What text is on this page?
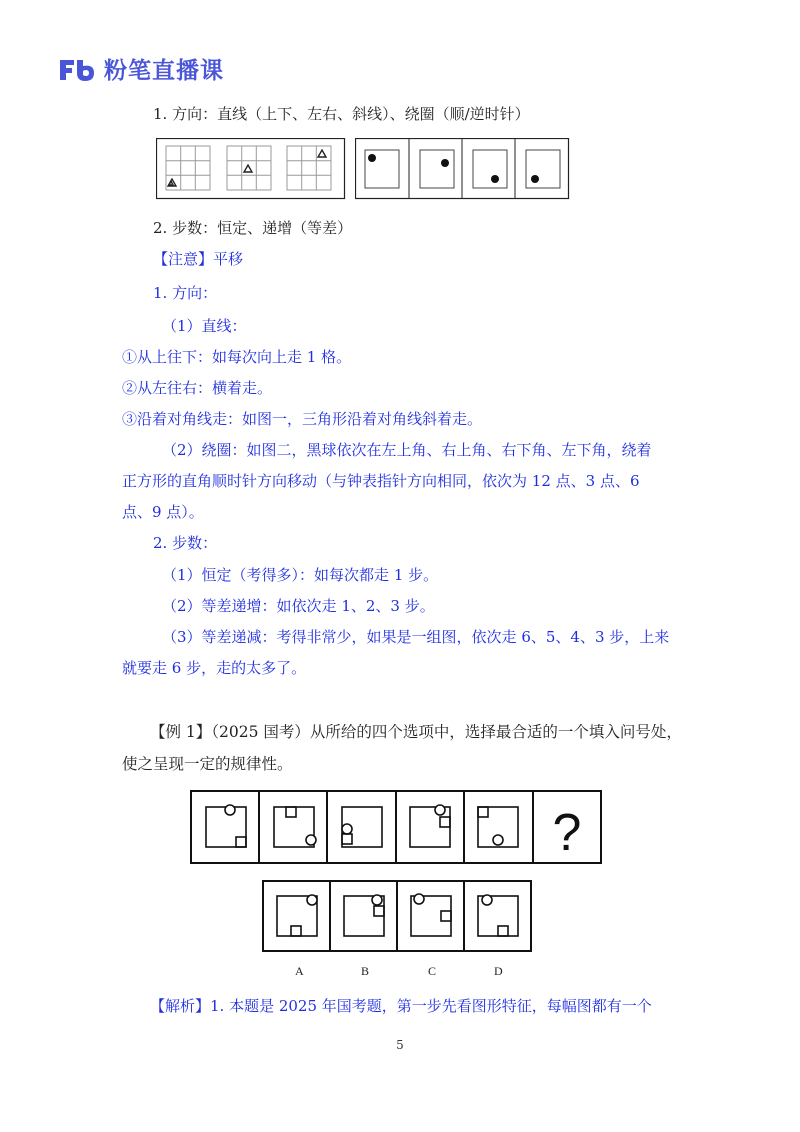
粉笔直播课
1. 方向：直线（上下、左右、斜线）、绕圈（顺/逆时针）
2. 步数：恒定、递增（等差）
【注意】平移
1. 方向：
（1）直线：
①从上往下：如每次向上走 1 格。
②从左往右：横着走。
③沿着对角线走：如图一，三角形沿着对角线斜着走。
（2）绕圈：如图二，黑球依次在左上角、右上角、右下角、左下角，绕着
正方形的直角顺时针方向移动（与钟表指针方向相同，依次为 12 点、3 点、6
点、9 点）。
2. 步数：
（1）恒定（考得多）：如每次都走 1 步。
（2）等差递增：如依次走 1、2、3 步。
（3）等差递减：考得非常少，如果是一组图，依次走 6、5、4、3 步，上来
就要走 6 步，走的太多了。
【例 1】（2025 国考）从所给的四个选项中，选择最合适的一个填入问号处，
使之呈现一定的规律性。
?
A	B	C	D
【解析】1. 本题是 2025 年国考题，第一步先看图形特征，每幅图都有一个
5
